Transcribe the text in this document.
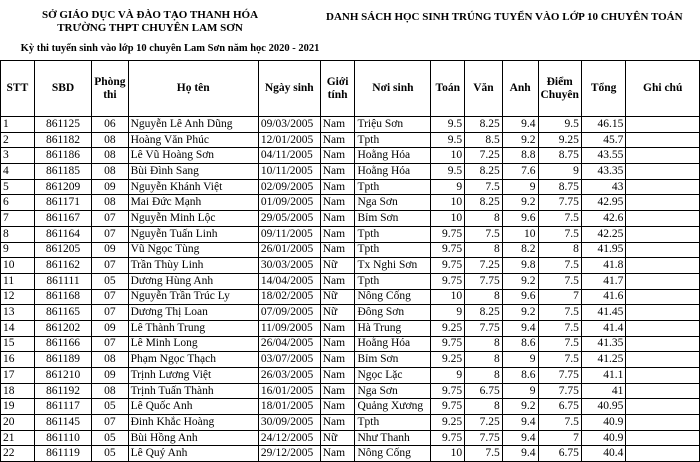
SỞ GIÁO DỤC VÀ ĐÀO TẠO THANH HÓA
TRƯỜNG THPT CHUYÊN LAM SƠN
DANH SÁCH HỌC SINH TRÚNG TUYỂN VÀO LỚP 10 CHUYÊN TOÁN
Kỳ thi tuyển sinh vào lớp 10 chuyên Lam Sơn năm học 2020 - 2021
STT	SBD	Phòng thi	Họ tên	Ngày sinh	Giới tính	Nơi sinh	Toán	Văn	Anh	Điểm Chuyên	Tổng	Ghi chú
1	861125	06	Nguyễn Lê Anh Dũng	09/03/2005	Nam	Triệu Sơn	9.5	8.25	9.4	9.5	46.15	
2	861182	08	Hoàng Văn Phúc	12/01/2005	Nam	Tpth	9.5	8.5	9.2	9.25	45.7	
3	861186	08	Lê Vũ Hoàng Sơn	04/11/2005	Nam	Hoằng Hóa	10	7.25	8.8	8.75	43.55	
4	861185	08	Bùi Đình Sang	10/11/2005	Nam	Hoằng Hóa	9.5	8.25	7.6	9	43.35	
5	861209	09	Nguyễn Khánh Việt	02/09/2005	Nam	Tpth	9	7.5	9	8.75	43	
6	861171	08	Mai Đức Mạnh	01/09/2005	Nam	Nga Sơn	10	8.25	9.2	7.75	42.95	
7	861167	07	Nguyễn Minh Lộc	29/05/2005	Nam	Bỉm Sơn	10	8	9.6	7.5	42.6	
8	861164	07	Nguyễn Tuấn Linh	09/11/2005	Nam	Tpth	9.75	7.5	10	7.5	42.25	
9	861205	09	Vũ Ngọc Tùng	26/01/2005	Nam	Tpth	9.75	8	8.2	8	41.95	
10	861162	07	Trần Thùy Linh	30/03/2005	Nữ	Tx Nghi Sơn	9.75	7.25	9.8	7.5	41.8	
11	861111	05	Dương Hùng Anh	14/04/2005	Nam	Tpth	9.75	7.75	9.2	7.5	41.7	
12	861168	07	Nguyễn Trần Trúc Ly	18/02/2005	Nữ	Nông Cống	10	8	9.6	7	41.6	
13	861165	07	Dương Thị Loan	07/09/2005	Nữ	Đông Sơn	9	8.25	9.2	7.5	41.45	
14	861202	09	Lê Thành Trung	11/09/2005	Nam	Hà Trung	9.25	7.75	9.4	7.5	41.4	
15	861166	07	Lê Minh Long	26/04/2005	Nam	Hoằng Hóa	9.75	8	8.6	7.5	41.35	
16	861189	08	Phạm Ngọc Thạch	03/07/2005	Nam	Bỉm Sơn	9.25	8	9	7.5	41.25	
17	861210	09	Trịnh Lương Việt	26/03/2005	Nam	Ngọc Lặc	9	8	8.6	7.75	41.1	
18	861192	08	Trịnh Tuấn Thành	16/01/2005	Nam	Nga Sơn	9.75	6.75	9	7.75	41	
19	861117	05	Lê Quốc Anh	18/01/2005	Nam	Quảng Xương	9.75	8	9.2	6.75	40.95	
20	861145	07	Đinh Khắc Hoàng	30/09/2005	Nam	Tpth	9.25	7.25	9.4	7.5	40.9	
21	861110	05	Bùi Hồng Anh	24/12/2005	Nữ	Như Thanh	9.75	7.75	9.4	7	40.9	
22	861119	05	Lê Quý Anh	29/12/2005	Nam	Nông Cống	10	7.5	9.4	6.75	40.4	
